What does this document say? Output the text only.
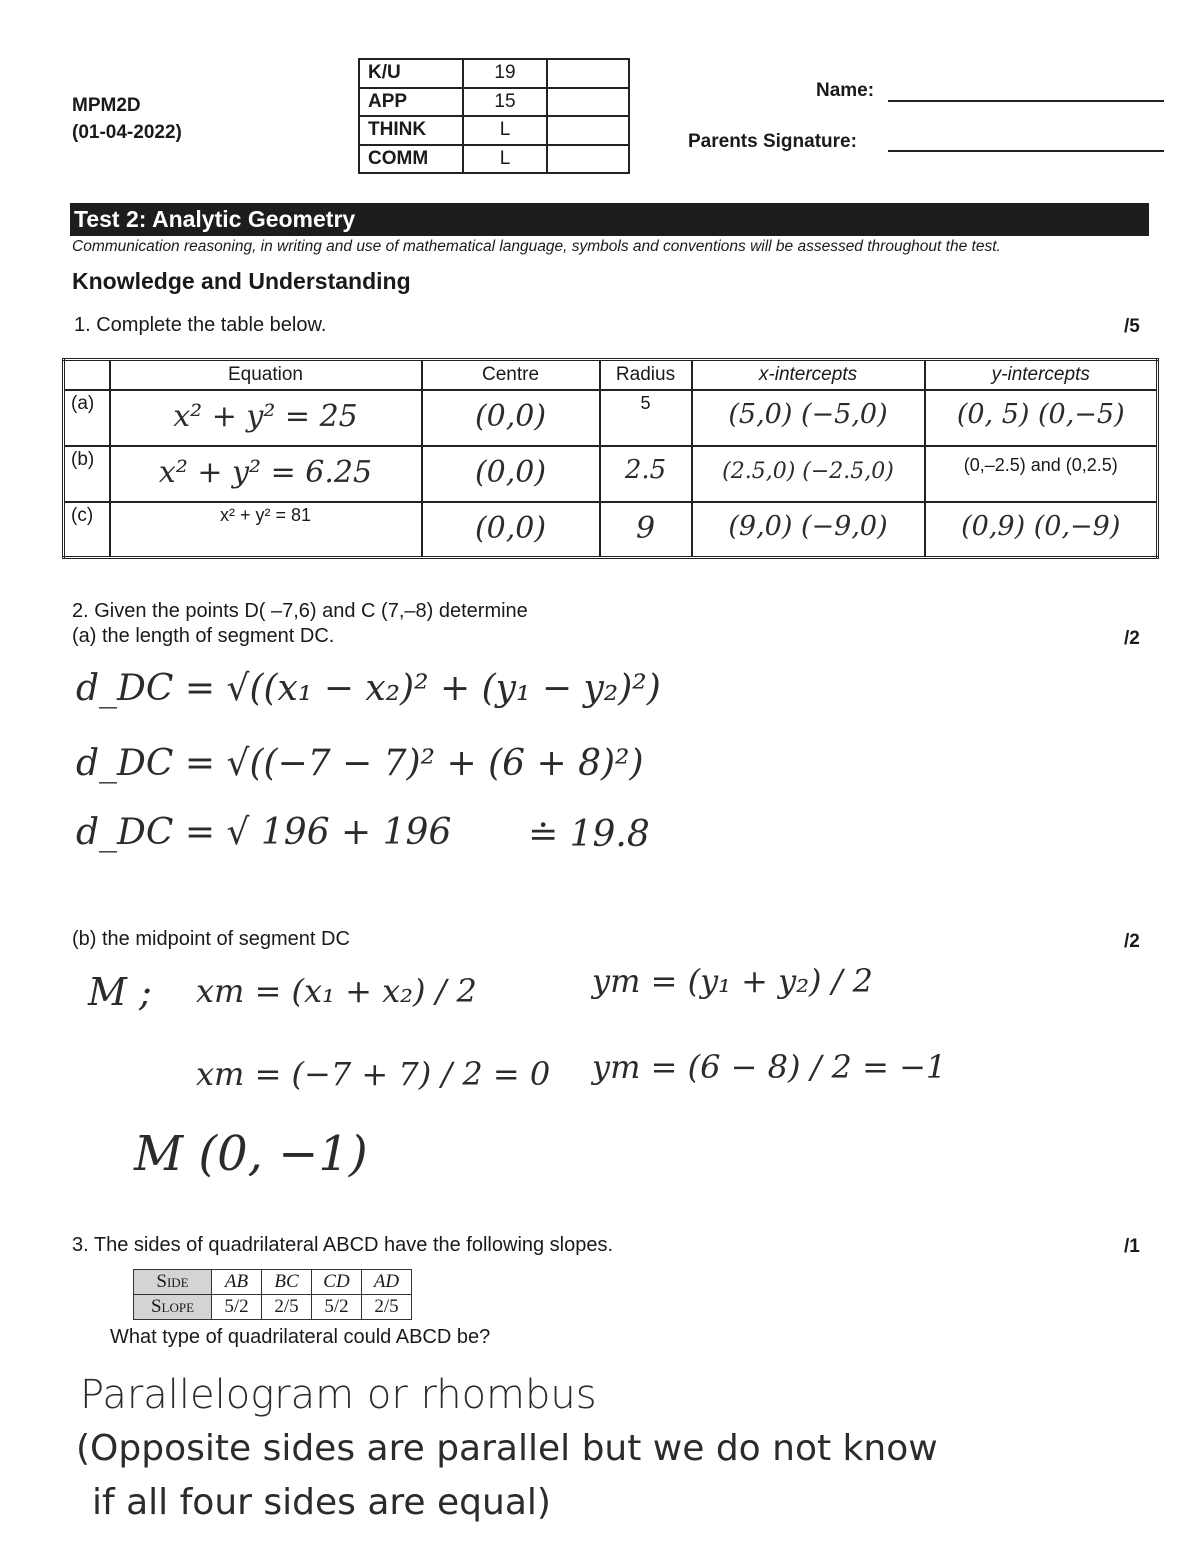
MPM2D
(01-04-2022)
K/U	19	
APP	15	
THINK	L	
COMM	L	
Name:
Parents Signature:
Test 2: Analytic Geometry
Communication reasoning, in writing and use of mathematical language, symbols and conventions will be assessed throughout the test.
Knowledge and Understanding
1. Complete the table below.	/5
	Equation	Centre	Radius	x-intercepts	y-intercepts
(a)	x² + y² = 25	(0,0)	5	(5,0) (−5,0)	(0, 5) (0,−5)

(b)	x² + y² = 6.25	(0,0)	2.5	(2.5,0) (−2.5,0)	(0,–2.5) and (0,2.5)

(c)	x² + y² = 81	(0,0)	9	(9,0) (−9,0)	(0,9) (0,−9)
2. Given the points D( –7,6) and C (7,–8) determine
(a) the length of segment DC.	/2
d_DC = √((x₁ − x₂)² + (y₁ − y₂)²)
d_DC = √((−7 − 7)² + (6 + 8)²)
d_DC = √ 196 + 196 ≐ 19.8
(b) the midpoint of segment DC	/2
M ; xm = (x₁ + x₂) / 2
xm = (−7 + 7) / 2 = 0
ym = (y₁ + y₂) / 2
ym = (6 − 8) / 2 = −1
M (0, −1)
3. The sides of quadrilateral ABCD have the following slopes.	/1
Side	AB	BC	CD	AD
Slope	5/2	2/5	5/2	2/5
What type of quadrilateral could ABCD be?
Parallelogram or rhombus
(Opposite sides are parallel but we do not know
if all four sides are equal)
